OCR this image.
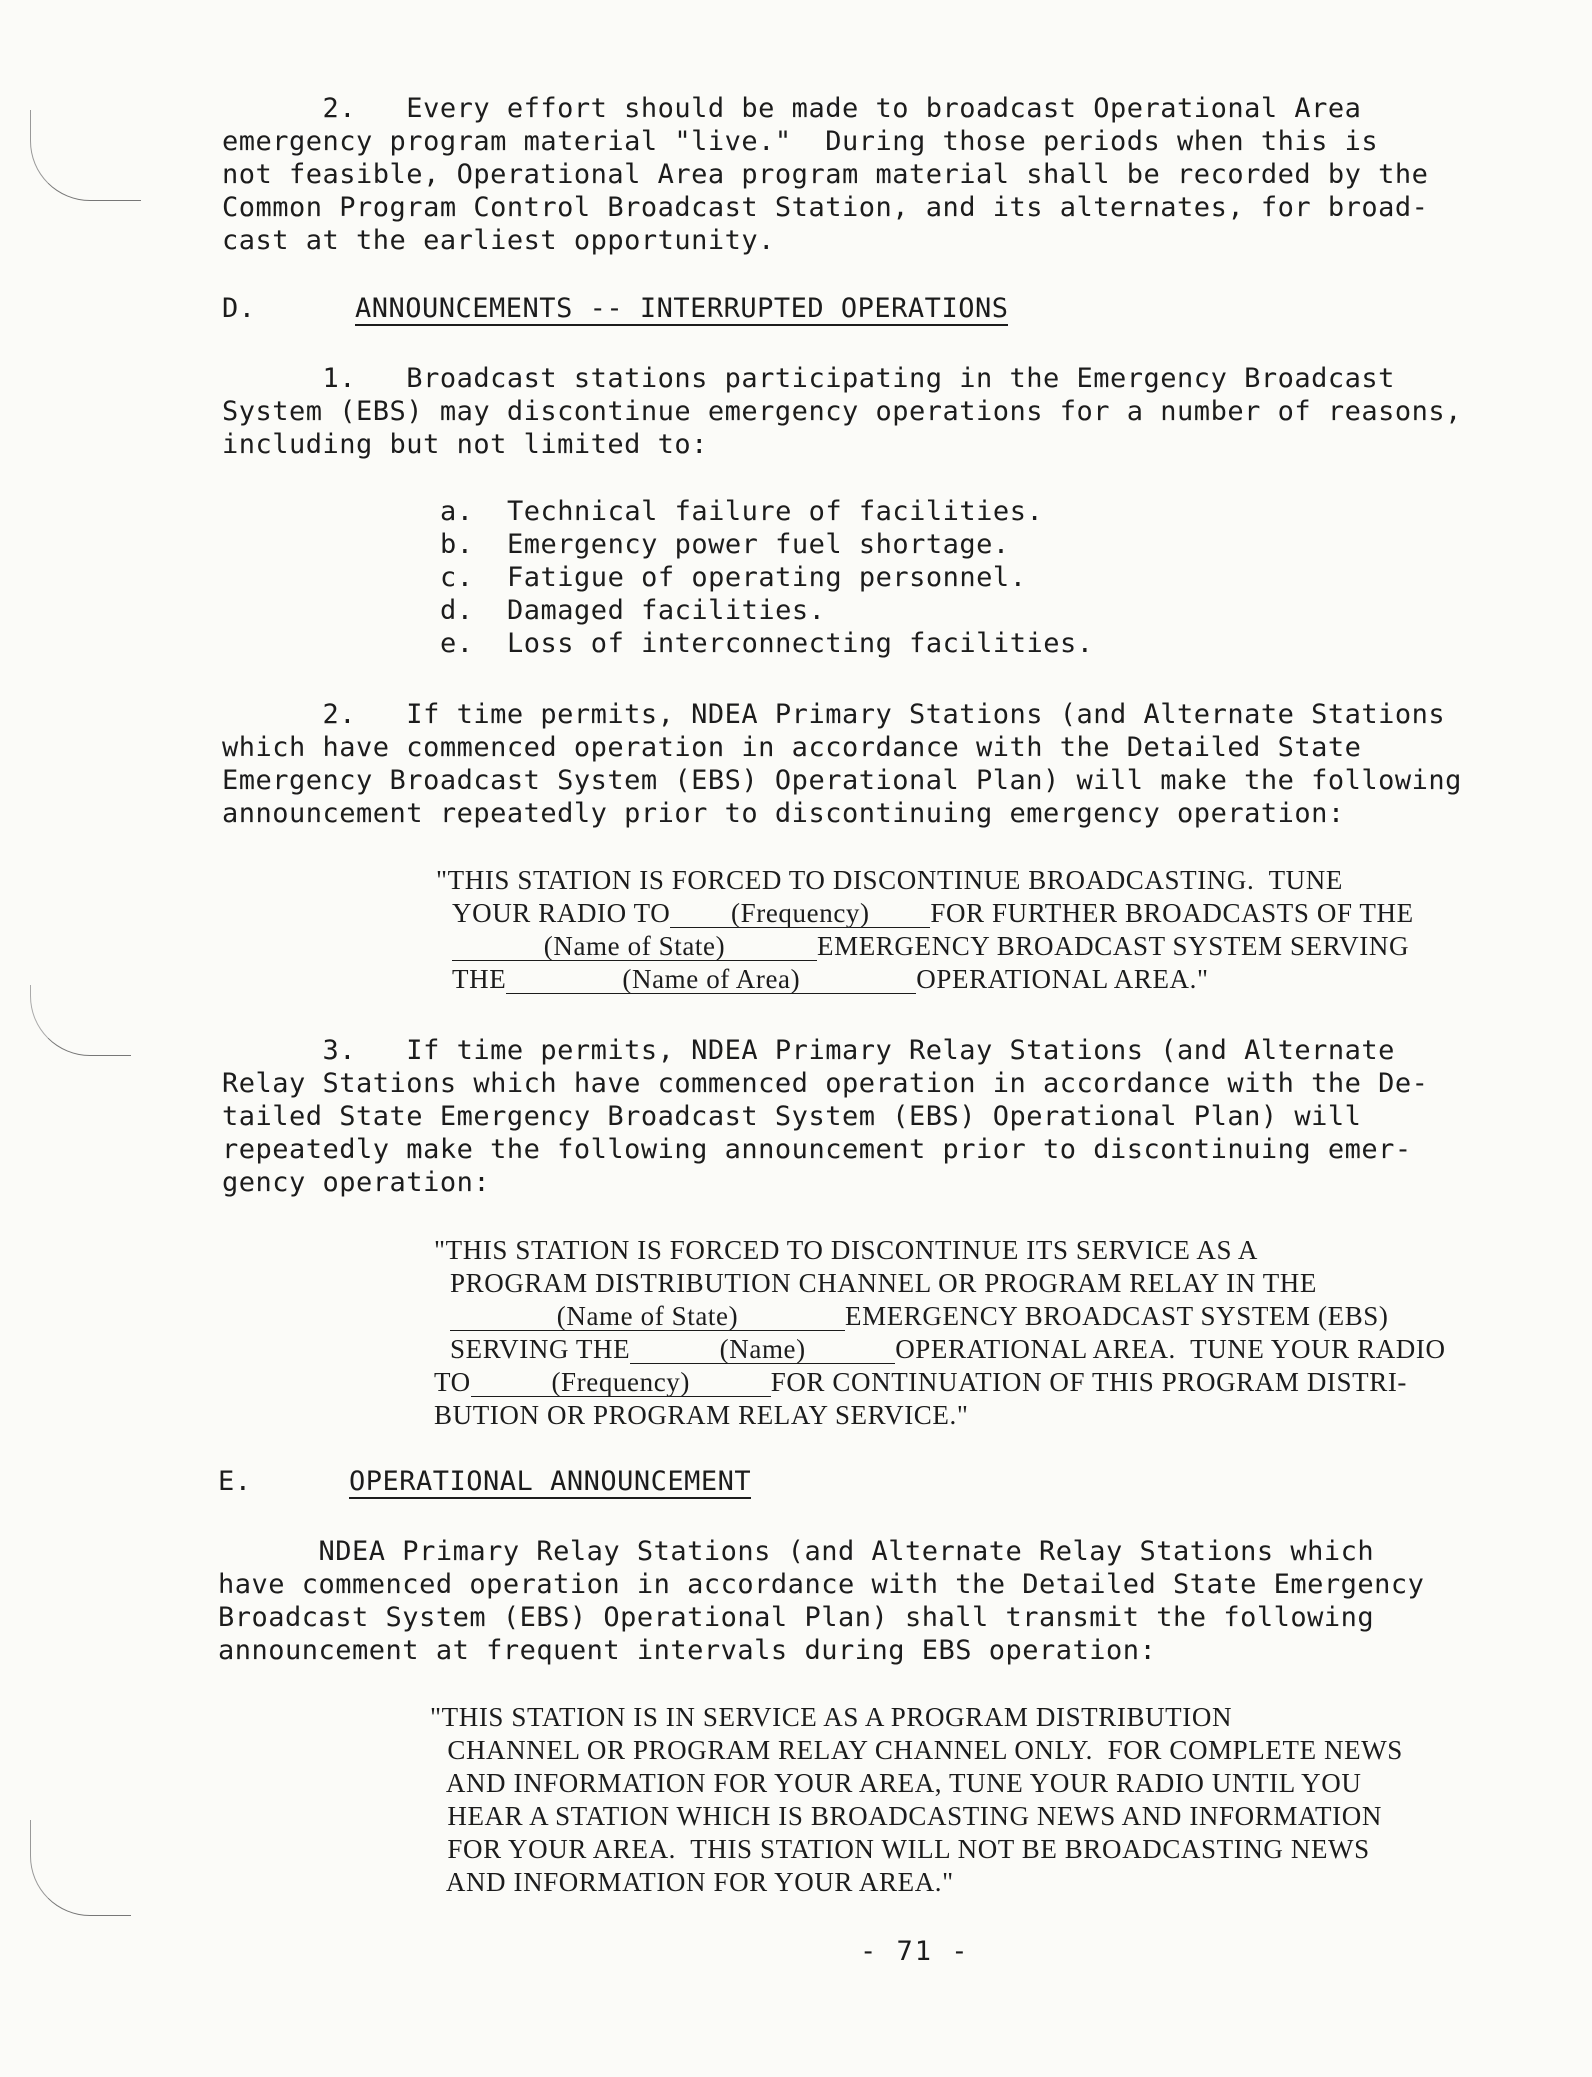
2.   Every effort should be made to broadcast Operational Area
emergency program material "live."  During those periods when this is
not feasible, Operational Area program material shall be recorded by the
Common Program Control Broadcast Station, and its alternates, for broad-
cast at the earliest opportunity.
D.	ANNOUNCEMENTS -- INTERRUPTED OPERATIONS
1.   Broadcast stations participating in the Emergency Broadcast
System (EBS) may discontinue emergency operations for a number of reasons,
including but not limited to:
a. Technical failure of facilities.
b. Emergency power fuel shortage.
c. Fatigue of operating personnel.
d. Damaged facilities.
e. Loss of interconnecting facilities.
2.   If time permits, NDEA Primary Stations (and Alternate Stations
which have commenced operation in accordance with the Detailed State
Emergency Broadcast System (EBS) Operational Plan) will make the following
announcement repeatedly prior to discontinuing emergency operation:
"THIS STATION IS FORCED TO DISCONTINUE BROADCASTING.  TUNE
YOUR RADIO TO (Frequency) FOR FURTHER BROADCASTS OF THE
(Name of State)	EMERGENCY BROADCAST SYSTEM SERVING
THE	(Name of Area)	OPERATIONAL AREA."
3.   If time permits, NDEA Primary Relay Stations (and Alternate
Relay Stations which have commenced operation in accordance with the De-
tailed State Emergency Broadcast System (EBS) Operational Plan) will
repeatedly make the following announcement prior to discontinuing emer-
gency operation:
"THIS STATION IS FORCED TO DISCONTINUE ITS SERVICE AS A
PROGRAM DISTRIBUTION CHANNEL OR PROGRAM RELAY IN THE
(Name of State)	EMERGENCY BROADCAST SYSTEM (EBS)
SERVING THE	(Name)	OPERATIONAL AREA.  TUNE YOUR RADIO
TO	(Frequency)	FOR CONTINUATION OF THIS PROGRAM DISTRI-
BUTION OR PROGRAM RELAY SERVICE."
E.	OPERATIONAL ANNOUNCEMENT
NDEA Primary Relay Stations (and Alternate Relay Stations which
have commenced operation in accordance with the Detailed State Emergency
Broadcast System (EBS) Operational Plan) shall transmit the following
announcement at frequent intervals during EBS operation:
"THIS STATION IS IN SERVICE AS A PROGRAM DISTRIBUTION
CHANNEL OR PROGRAM RELAY CHANNEL ONLY.  FOR COMPLETE NEWS
AND INFORMATION FOR YOUR AREA, TUNE YOUR RADIO UNTIL YOU
HEAR A STATION WHICH IS BROADCASTING NEWS AND INFORMATION
FOR YOUR AREA.  THIS STATION WILL NOT BE BROADCASTING NEWS
AND INFORMATION FOR YOUR AREA."
- 71 -
